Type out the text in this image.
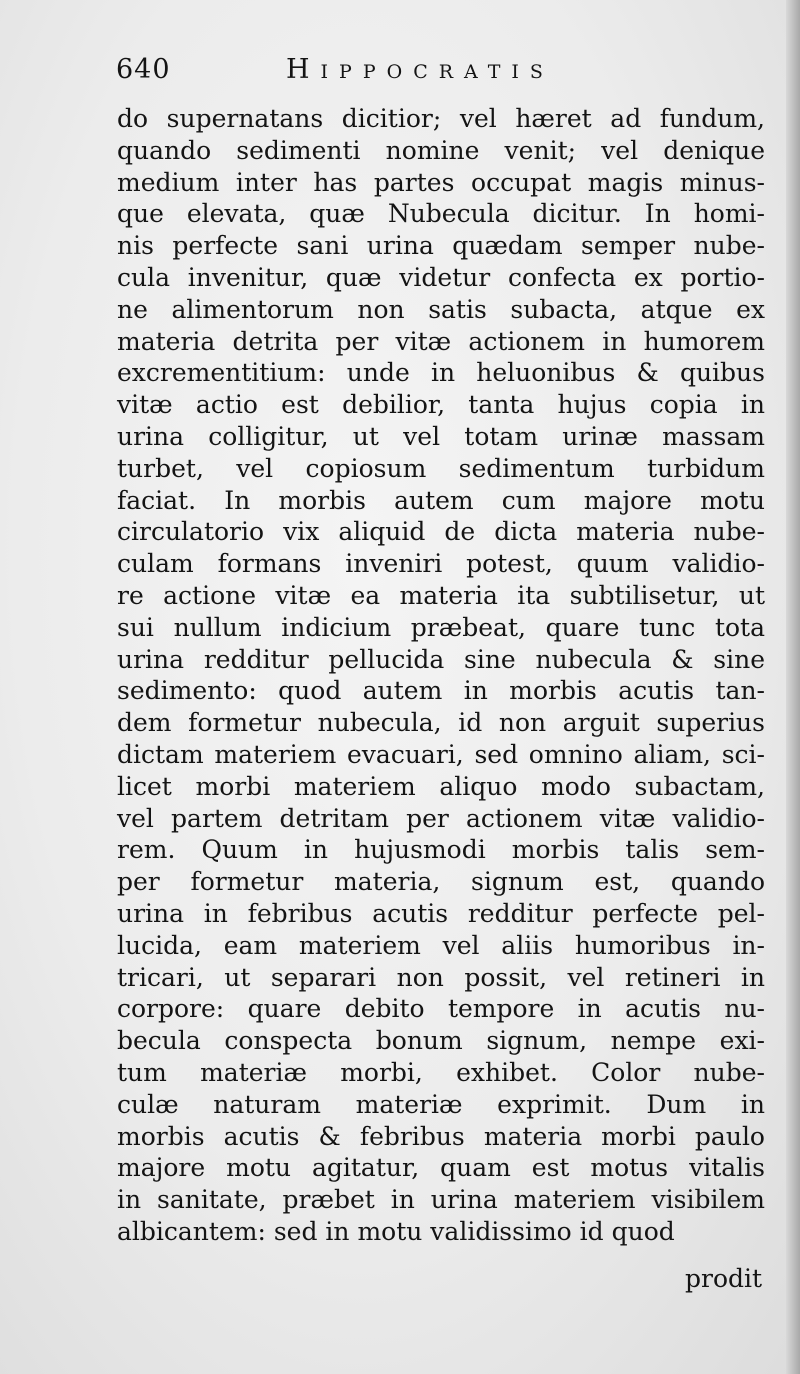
640	Hippocratis
do supernatans dicitior; vel hæret ad fundum,
quando sedimenti nomine venit; vel denique
medium inter has partes occupat magis minus-
que elevata, quæ Nubecula dicitur. In homi-
nis perfecte sani urina quædam semper nube-
cula invenitur, quæ videtur confecta ex portio-
ne alimentorum non satis subacta, atque ex
materia detrita per vitæ actionem in humorem
excrementitium: unde in heluonibus & quibus
vitæ actio est debilior, tanta hujus copia in
urina colligitur, ut vel totam urinæ massam
turbet, vel copiosum sedimentum turbidum
faciat. In morbis autem cum majore motu
circulatorio vix aliquid de dicta materia nube-
culam formans inveniri potest, quum validio-
re actione vitæ ea materia ita subtilisetur, ut
sui nullum indicium præbeat, quare tunc tota
urina redditur pellucida sine nubecula & sine
sedimento: quod autem in morbis acutis tan-
dem formetur nubecula, id non arguit superius
dictam materiem evacuari, sed omnino aliam, sci-
licet morbi materiem aliquo modo subactam,
vel partem detritam per actionem vitæ validio-
rem. Quum in hujusmodi morbis talis sem-
per formetur materia, signum est, quando
urina in febribus acutis redditur perfecte pel-
lucida, eam materiem vel aliis humoribus in-
tricari, ut separari non possit, vel retineri in
corpore: quare debito tempore in acutis nu-
becula conspecta bonum signum, nempe exi-
tum materiæ morbi, exhibet. Color nube-
culæ naturam materiæ exprimit. Dum in
morbis acutis & febribus materia morbi paulo
majore motu agitatur, quam est motus vitalis
in sanitate, præbet in urina materiem visibilem
albicantem: sed in motu validissimo id quod
prodit
